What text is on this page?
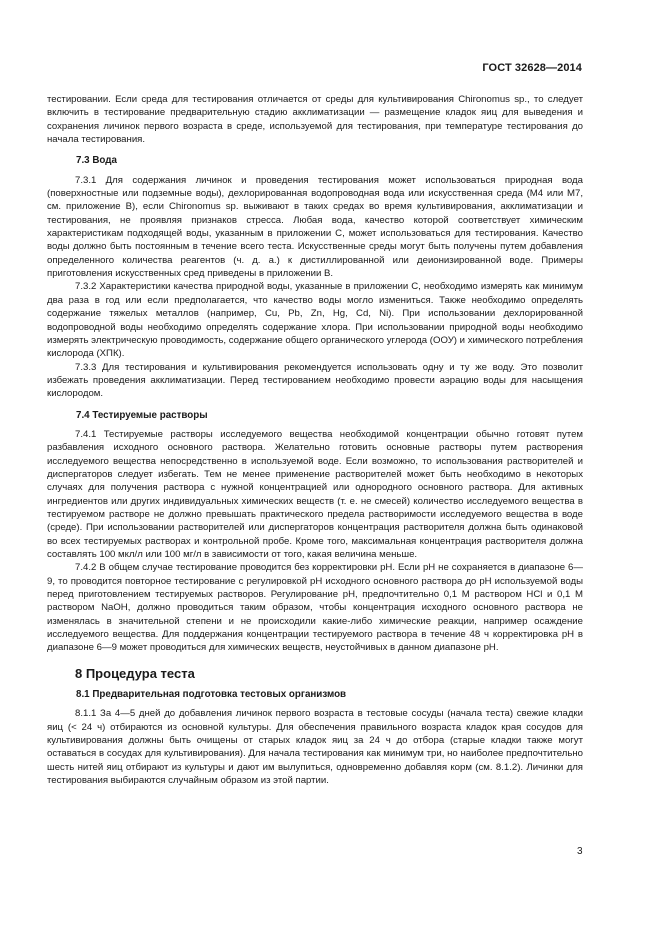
ГОСТ 32628—2014

тестировании. Если среда для тестирования отличается от среды для культивирования Chironomus sp., то следует включить в тестирование предварительную стадию акклиматизации — размещение кладок яиц для выведения и сохранения личинок первого возраста в среде, используемой для тестирования, при температуре тестирования до начала тестирования.

7.3 Вода

7.3.1 Для содержания личинок и проведения тестирования может использоваться природная вода (поверхностные или подземные воды), дехлорированная водопроводная вода или искусственная среда (М4 или М7, см. приложение В), если Chironomus sp. выживают в таких средах во время культивирования, акклиматизации и тестирования, не проявляя признаков стресса. Любая вода, качество которой соответствует химическим характеристикам подходящей воды, указанным в приложении С, может использоваться для тестирования. Качество воды должно быть постоянным в течение всего теста. Искусственные среды могут быть получены путем добавления определенного количества реагентов (ч. д. а.) к дистиллированной или деионизированной воде. Примеры приготовления искусственных сред приведены в приложении В.

7.3.2 Характеристики качества природной воды, указанные в приложении С, необходимо измерять как минимум два раза в год или если предполагается, что качество воды могло измениться. Также необходимо определять содержание тяжелых металлов (например, Cu, Pb, Zn, Hg, Cd, Ni). При использовании дехлорированной водопроводной воды необходимо определять содержание хлора. При использовании природной воды необходимо измерять электрическую проводимость, содержание общего органического углерода (ООУ) и химического потребления кислорода (ХПК).

7.3.3 Для тестирования и культивирования рекомендуется использовать одну и ту же воду. Это позволит избежать проведения акклиматизации. Перед тестированием необходимо провести аэрацию воды для насыщения кислородом.

7.4 Тестируемые растворы

7.4.1 Тестируемые растворы исследуемого вещества необходимой концентрации обычно готовят путем разбавления исходного основного раствора. Желательно готовить основные растворы путем растворения исследуемого вещества непосредственно в используемой воде. Если возможно, то использования растворителей и диспергаторов следует избегать. Тем не менее применение растворителей может быть необходимо в некоторых случаях для получения раствора с нужной концентрацией или однородного основного раствора. Для активных ингредиентов или других индивидуальных химических веществ (т. е. не смесей) количество исследуемого вещества в тестируемом растворе не должно превышать практического предела растворимости исследуемого вещества в воде (среде). При использовании растворителей или диспергаторов концентрация растворителя должна быть одинаковой во всех тестируемых растворах и контрольной пробе. Кроме того, максимальная концентрация растворителя должна составлять 100 мкл/л или 100 мг/л в зависимости от того, какая величина меньше.

7.4.2 В общем случае тестирование проводится без корректировки рН. Если рН не сохраняется в диапазоне 6—9, то проводится повторное тестирование с регулировкой рН исходного основного раствора до рН используемой воды перед приготовлением тестируемых растворов. Регулирование рН, предпочтительно 0,1 М раствором HCl и 0,1 М раствором NaOH, должно проводиться таким образом, чтобы концентрация исходного основного раствора не изменялась в значительной степени и не происходили какие-либо химические реакции, например осаждение исследуемого вещества. Для поддержания концентрации тестируемого раствора в течение 48 ч корректировка рН в диапазоне 6—9 может проводиться для химических веществ, неустойчивых в данном диапазоне рН.

8 Процедура теста

8.1 Предварительная подготовка тестовых организмов

8.1.1 За 4—5 дней до добавления личинок первого возраста в тестовые сосуды (начала теста) свежие кладки яиц (< 24 ч) отбираются из основной культуры. Для обеспечения правильного возраста кладок края сосудов для культивирования должны быть очищены от старых кладок яиц за 24 ч до отбора (старые кладки также могут оставаться в сосудах для культивирования). Для начала тестирования как минимум три, но наиболее предпочтительно шесть нитей яиц отбирают из культуры и дают им вылупиться, одновременно добавляя корм (см. 8.1.2). Личинки для тестирования выбираются случайным образом из этой партии.

3
